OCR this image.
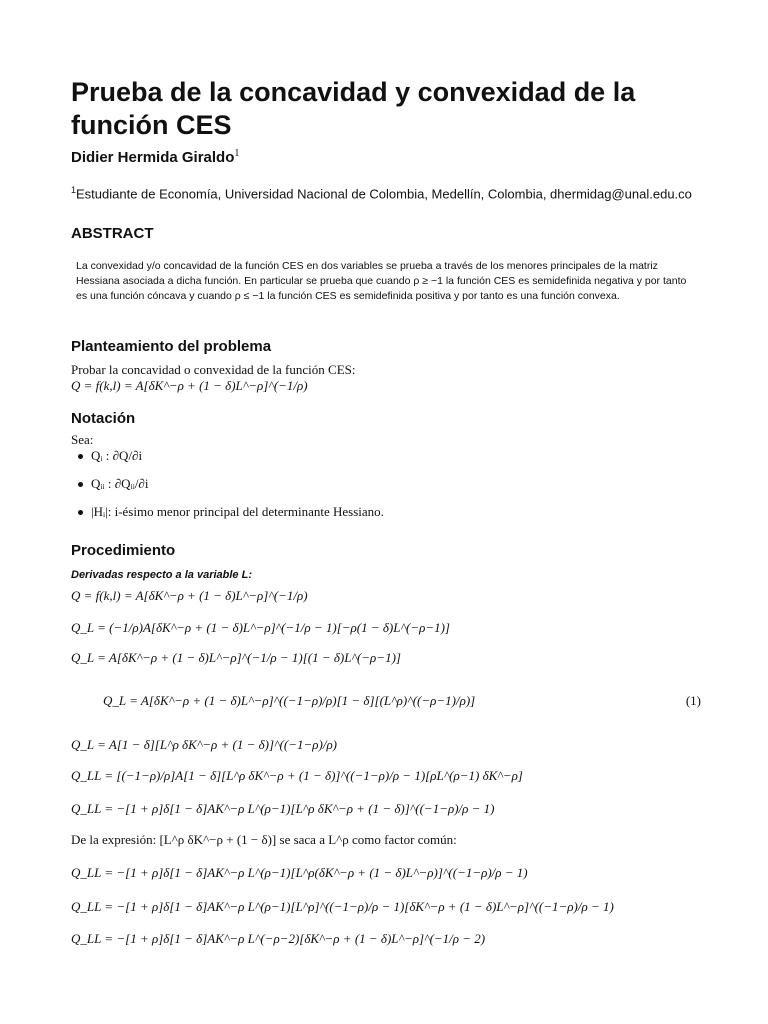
Prueba de la concavidad y convexidad de la función CES
Didier Hermida Giraldo$^1$
$^1$Estudiante de Economía, Universidad Nacional de Colombia, Medellín, Colombia, dhermidag@unal.edu.co
ABSTRACT
La convexidad y/o concavidad de la función CES en dos variables se prueba a través de los menores principales de la matriz Hessiana asociada a dicha función. En particular se prueba que cuando ρ ≥ −1 la función CES es semidefinida negativa y por tanto es una función cóncava y cuando ρ ≤ −1 la función CES es semidefinida positiva y por tanto es una función convexa.
Planteamiento del problema
Probar la concavidad o convexidad de la función CES:
Q = f(k,l) = A[δK^−ρ + (1 − δ)L^−ρ]^(−1/ρ)
Notación
Sea:
Qᵢ : ∂Q/∂i
Qᵢᵢ : ∂Qᵢᵢ/∂i
|Hᵢ|: i-ésimo menor principal del determinante Hessiano.
Procedimiento
Derivadas respecto a la variable L:
Q = f(k,l) = A[δK^−ρ + (1 − δ)L^−ρ]^(−1/ρ)
Q_L = (−1/ρ)A[δK^−ρ + (1 − δ)L^−ρ]^(−1/ρ − 1)[−ρ(1 − δ)L^(−ρ−1)]
Q_L = A[δK^−ρ + (1 − δ)L^−ρ]^(−1/ρ − 1)[(1 − δ)L^(−ρ−1)]
Q_L = A[δK^−ρ + (1 − δ)L^−ρ]^((−1−ρ)/ρ)[1 − δ][(L^ρ)^((−ρ−1)/ρ)]	(1)
Q_L = A[1 − δ][L^ρ δK^−ρ + (1 − δ)]^((−1−ρ)/ρ)
Q_LL = [(−1−ρ)/ρ]A[1 − δ][L^ρ δK^−ρ + (1 − δ)]^((−1−ρ)/ρ − 1)[ρL^(ρ−1) δK^−ρ]
Q_LL = −[1 + ρ]δ[1 − δ]AK^−ρ L^(ρ−1)[L^ρ δK^−ρ + (1 − δ)]^((−1−ρ)/ρ − 1)
De la expresión: [L^ρ δK^−ρ + (1 − δ)] se saca a L^ρ como factor común:
Q_LL = −[1 + ρ]δ[1 − δ]AK^−ρ L^(ρ−1)[L^ρ(δK^−ρ + (1 − δ)L^−ρ)]^((−1−ρ)/ρ − 1)
Q_LL = −[1 + ρ]δ[1 − δ]AK^−ρ L^(ρ−1)[L^ρ]^((−1−ρ)/ρ − 1)[δK^−ρ + (1 − δ)L^−ρ]^((−1−ρ)/ρ − 1)
Q_LL = −[1 + ρ]δ[1 − δ]AK^−ρ L^(−ρ−2)[δK^−ρ + (1 − δ)L^−ρ]^(−1/ρ − 2)
